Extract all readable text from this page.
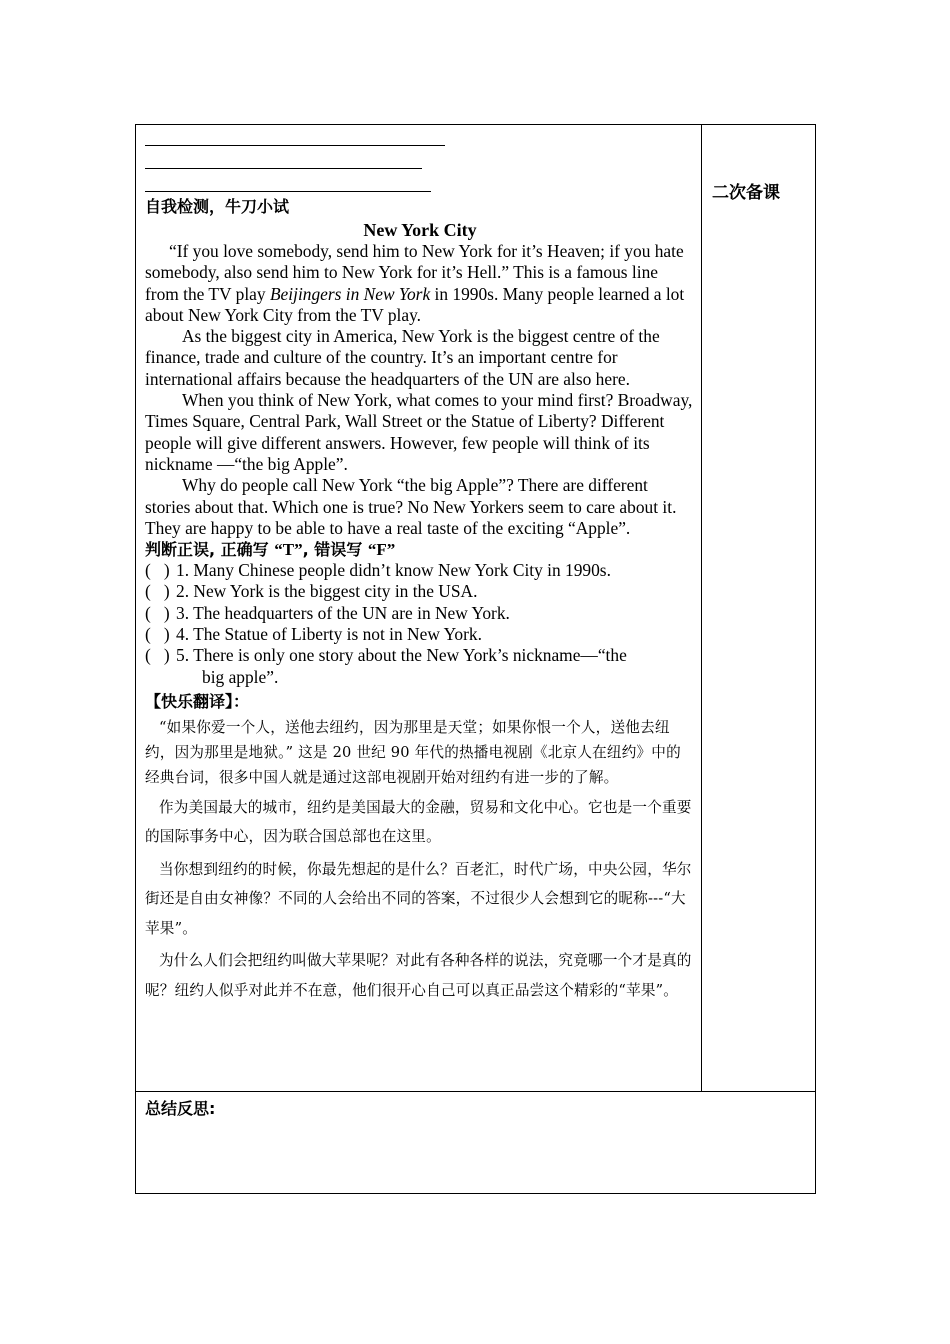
自我检测，牛刀小试
New York City

“If you love somebody, send him to New York for it’s Heaven; if you hate somebody, also send him to New York for it’s Hell.” This is a famous line from the TV play Beijingers in New York in 1990s. Many people learned a lot about New York City from the TV play.

As the biggest city in America, New York is the biggest centre of the finance, trade and culture of the country. It’s an important centre for international affairs because the headquarters of the UN are also here.

When you think of New York, what comes to your mind first? Broadway, Times Square, Central Park, Wall Street or the Statue of Liberty? Different people will give different answers. However, few people will think of its nickname —“the big Apple”.

Why do people call New York “the big Apple”? There are different stories about that. Which one is true? No New Yorkers seem to care about it. They are happy to be able to have a real taste of the exciting “Apple”.

判断正误, 正确写 “T”, 错误写 “F”
(   ) 1. Many Chinese people didn’t know New York City in 1990s.
(   ) 2. New York is the biggest city in the USA.
(   ) 3. The headquarters of the UN are in New York.
(   ) 4. The Statue of Liberty is not in New York.
(   ) 5. There is only one story about the New York’s nickname—“the
big apple”.
【快乐翻译】：

“如果你爱一个人，送他去纽约，因为那里是天堂；如果你恨一个人，送他去纽约，因为那里是地狱。” 这是 20 世纪 90 年代的热播电视剧《北京人在纽约》中的经典台词，很多中国人就是通过这部电视剧开始对纽约有进一步的了解。

作为美国最大的城市，纽约是美国最大的金融，贸易和文化中心。它也是一个重要的国际事务中心，因为联合国总部也在这里。

当你想到纽约的时候，你最先想起的是什么？百老汇，时代广场，中央公园，华尔街还是自由女神像？不同的人会给出不同的答案，不过很少人会想到它的昵称---“大苹果”。

为什么人们会把纽约叫做大苹果呢？对此有各种各样的说法，究竟哪一个才是真的呢？纽约人似乎对此并不在意，他们很开心自己可以真正品尝这个精彩的“苹果”。

二次备课
总结反思:
